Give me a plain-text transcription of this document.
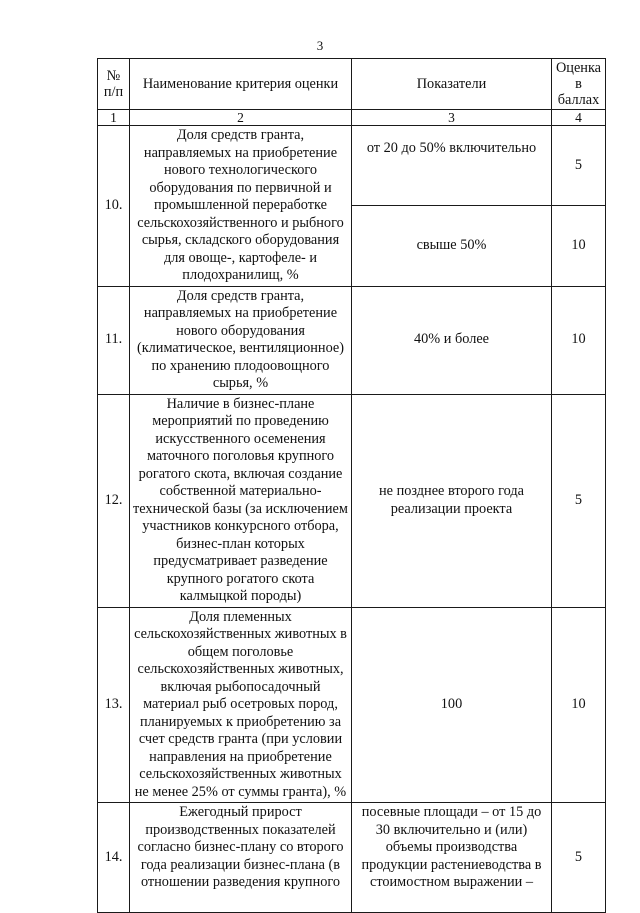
3
№ п/п	Наименование критерия оценки	Показатели	Оценка в баллах
1	2	3	4
10.	Доля средств гранта, направляемых на приобретение нового технологического оборудования по первичной и промышленной переработке сельскохозяйственного и рыбного сырья, складского оборудования для овоще-, картофеле- и плодохранилищ, %	от 20 до 50% включительно	5
		свыше 50%	10
11.	Доля средств гранта, направляемых на приобретение нового оборудования (климатическое, вентиляционное) по хранению плодоовощного сырья, %	40% и более	10
12.	Наличие в бизнес-плане мероприятий по проведению искусственного осеменения маточного поголовья крупного рогатого скота, включая создание собственной материально-технической базы (за исключением участников конкурсного отбора, бизнес-план которых предусматривает разведение крупного рогатого скота калмыцкой породы)	не позднее второго года реализации проекта	5
13.	Доля племенных сельскохозяйственных животных в общем поголовье сельскохозяйственных животных, включая рыбопосадочный материал рыб осетровых пород, планируемых к приобретению за счет средств гранта (при условии направления на приобретение сельскохозяйственных животных не менее 25% от суммы гранта), %	100	10
14.	Ежегодный прирост производственных показателей согласно бизнес-плану со второго года реализации бизнес-плана (в отношении разведения крупного	посевные площади – от 15 до 30 включительно и (или) объемы производства продукции растениеводства в стоимостном выражении –	5
